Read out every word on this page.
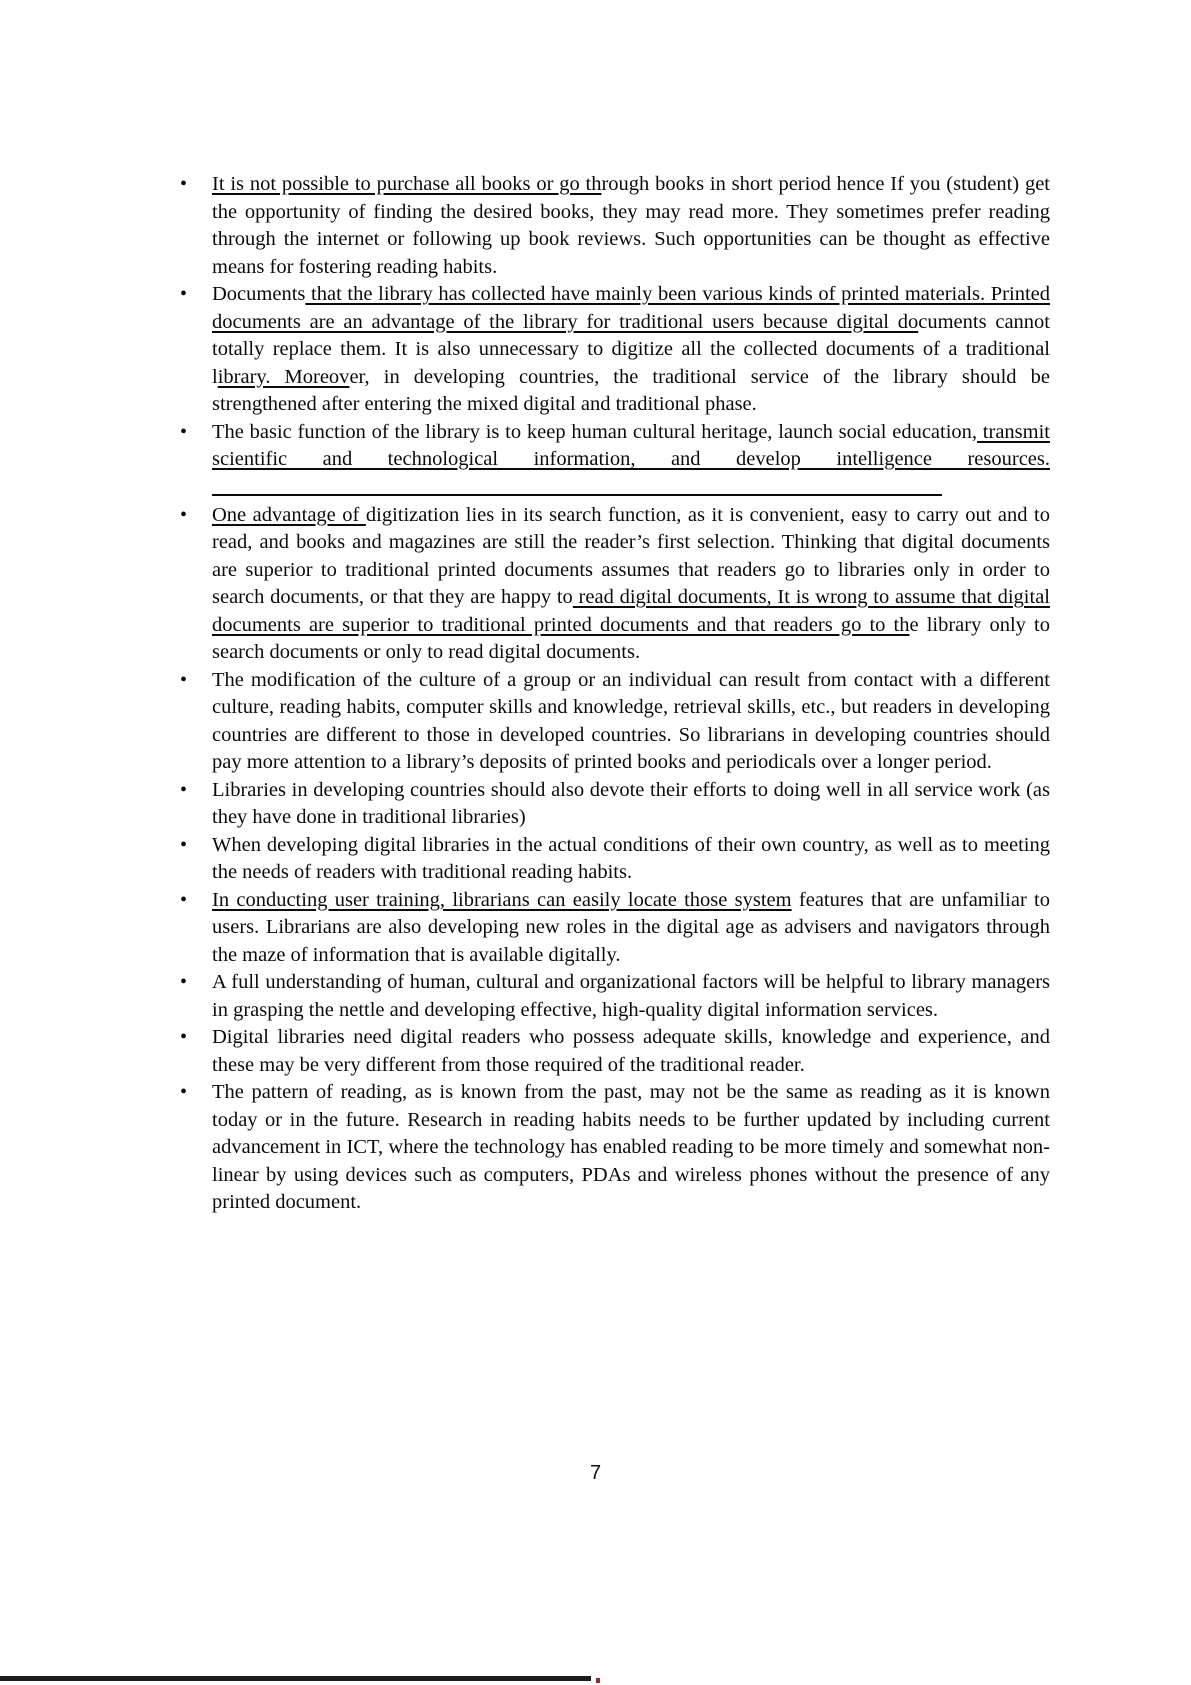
• It is not possible to purchase all books or go through books in short period hence If you (student) get the opportunity of finding the desired books, they may read more. They sometimes prefer reading through the internet or following up book reviews. Such opportunities can be thought as effective means for fostering reading habits.
• Documents that the library has collected have mainly been various kinds of printed materials. Printed documents are an advantage of the library for traditional users because digital documents cannot totally replace them. It is also unnecessary to digitize all the collected documents of a traditional library. Moreover, in developing countries, the traditional service of the library should be strengthened after entering the mixed digital and traditional phase.
• The basic function of the library is to keep human cultural heritage, launch social education, transmit scientific and technological information, and develop intelligence resources.
• One advantage of digitization lies in its search function, as it is convenient, easy to carry out and to read, and books and magazines are still the reader’s first selection. Thinking that digital documents are superior to traditional printed documents assumes that readers go to libraries only in order to search documents, or that they are happy to read digital documents, It is wrong to assume that digital documents are superior to traditional printed documents and that readers go to the library only to search documents or only to read digital documents.
• The modification of the culture of a group or an individual can result from contact with a different culture, reading habits, computer skills and knowledge, retrieval skills, etc., but readers in developing countries are different to those in developed countries. So librarians in developing countries should pay more attention to a library’s deposits of printed books and periodicals over a longer period.
• Libraries in developing countries should also devote their efforts to doing well in all service work (as they have done in traditional libraries)
• When developing digital libraries in the actual conditions of their own country, as well as to meeting the needs of readers with traditional reading habits.
• In conducting user training, librarians can easily locate those system features that are unfamiliar to users. Librarians are also developing new roles in the digital age as advisers and navigators through the maze of information that is available digitally.
• A full understanding of human, cultural and organizational factors will be helpful to library managers in grasping the nettle and developing effective, high-quality digital information services.
• Digital libraries need digital readers who possess adequate skills, knowledge and experience, and these may be very different from those required of the traditional reader.
• The pattern of reading, as is known from the past, may not be the same as reading as it is known today or in the future. Research in reading habits needs to be further updated by including current advancement in ICT, where the technology has enabled reading to be more timely and somewhat non-linear by using devices such as computers, PDAs and wireless phones without the presence of any printed document.
7
